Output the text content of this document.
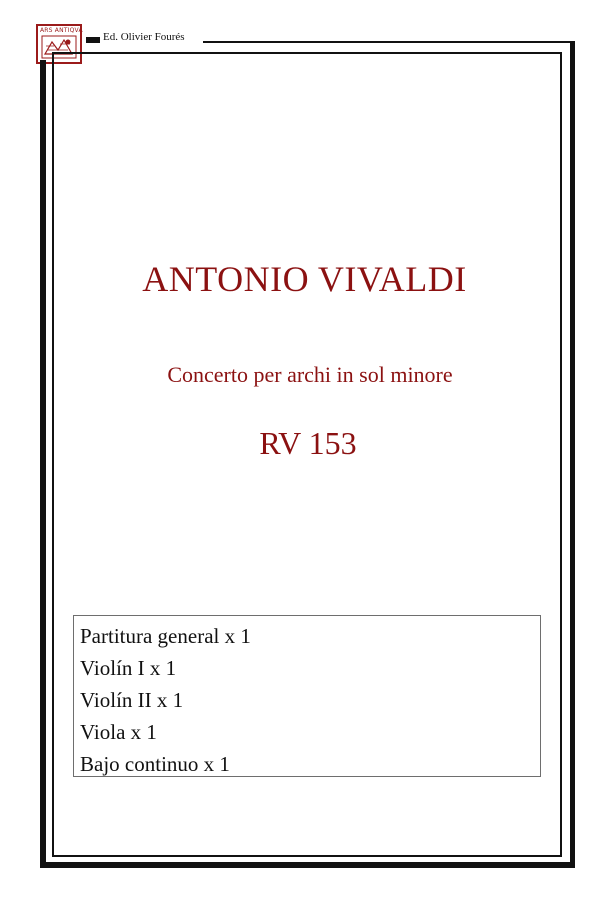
ARS ANTIQVA
Ed. Olivier Fourés
ANTONIO VIVALDI
Concerto per archi in sol minore
RV 153
Partitura general x 1
Violín I x 1
Violín II x 1
Viola x 1
Bajo continuo x 1
